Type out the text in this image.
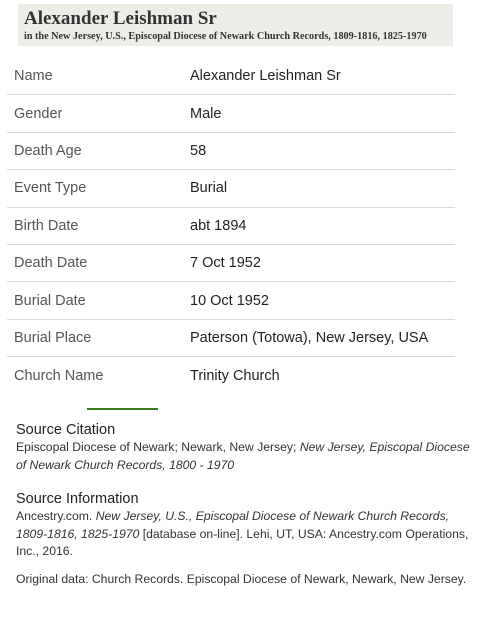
Alexander Leishman Sr
in the New Jersey, U.S., Episcopal Diocese of Newark Church Records, 1809-1816, 1825-1970
Name	Alexander Leishman Sr
Gender	Male
Death Age	58
Event Type	Burial
Birth Date	abt 1894
Death Date	7 Oct 1952
Burial Date	10 Oct 1952
Burial Place	Paterson (Totowa), New Jersey, USA
Church Name	Trinity Church
Source Citation
Episcopal Diocese of Newark; Newark, New Jersey; New Jersey, Episcopal Diocese of Newark Church Records, 1800 - 1970
Source Information
Ancestry.com. New Jersey, U.S., Episcopal Diocese of Newark Church Records, 1809-1816, 1825-1970 [database on-line]. Lehi, UT, USA: Ancestry.com Operations, Inc., 2016.
Original data: Church Records. Episcopal Diocese of Newark, Newark, New Jersey.
